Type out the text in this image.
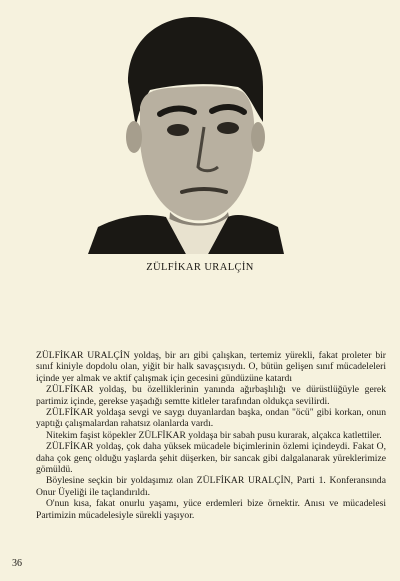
ZÜLFİKAR URALÇİN

ZÜLFİKAR URALÇİN yoldaş, bir arı gibi çalışkan, tertemiz yürekli, fakat proleter bir sınıf kiniyle dopdolu olan, yiğit bir halk savaşçısıydı. O, bütün gelişen sınıf mücadeleleri içinde yer almak ve aktif çalışmak için gecesini gündüzüne katardı

ZÜLFİKAR yoldaş, bu özelliklerinin yanında ağırbaşlılığı ve dürüstlüğüyle gerek partimiz içinde, gerekse yaşadığı semtte kitleler tarafından oldukça sevilirdi.

ZÜLFİKAR yoldaşa sevgi ve saygı duyanlardan başka, ondan "öcü" gibi korkan, onun yaptığı çalışmalardan rahatsız olanlarda vardı.

Nitekim faşist köpekler ZÜLFİKAR yoldaşa bir sabah pusu kurarak, alçakca katlettiler.

ZÜLFİKAR yoldaş, çok daha yüksek mücadele biçimlerinin özlemi içindeydi. Fakat O, daha çok genç olduğu yaşlarda şehit düşerken, bir sancak gibi dalgalanarak yüreklerimize gömüldü.

Böylesine seçkin bir yoldaşımız olan ZÜLFİKAR URALÇİN, Parti 1. Konferansında Onur Üyeliği ile taçlandırıldı.

O'nun kısa, fakat onurlu yaşamı, yüce erdemleri bize örnektir. Anısı ve mücadelesi Partimizin mücadelesiyle sürekli yaşıyor.

36
